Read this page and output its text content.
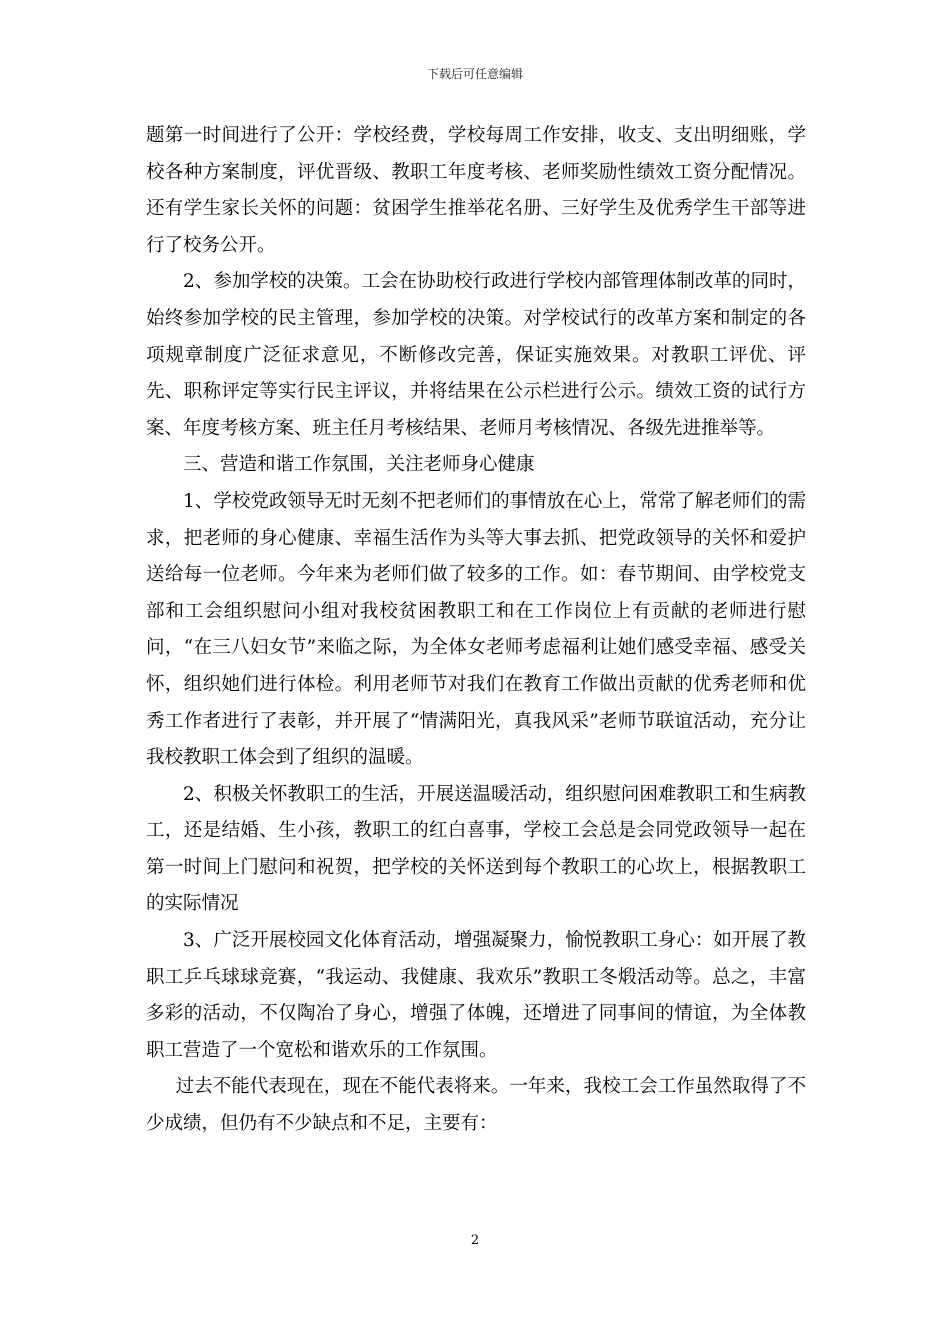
下载后可任意编辑

题第一时间进行了公开：学校经费，学校每周工作安排，收支、支出明细账，学校各种方案制度，评优晋级、教职工年度考核、老师奖励性绩效工资分配情况。还有学生家长关怀的问题：贫困学生推举花名册、三好学生及优秀学生干部等进行了校务公开。

2、参加学校的决策。工会在协助校行政进行学校内部管理体制改革的同时，始终参加学校的民主管理，参加学校的决策。对学校试行的改革方案和制定的各项规章制度广泛征求意见，不断修改完善，保证实施效果。对教职工评优、评先、职称评定等实行民主评议，并将结果在公示栏进行公示。绩效工资的试行方案、年度考核方案、班主任月考核结果、老师月考核情况、各级先进推举等。

三、营造和谐工作氛围，关注老师身心健康

1、学校党政领导无时无刻不把老师们的事情放在心上，常常了解老师们的需求，把老师的身心健康、幸福生活作为头等大事去抓、把党政领导的关怀和爱护送给每一位老师。今年来为老师们做了较多的工作。如：春节期间、由学校党支部和工会组织慰问小组对我校贫困教职工和在工作岗位上有贡献的老师进行慰问，“在三八妇女节”来临之际，为全体女老师考虑福利让她们感受幸福、感受关怀，组织她们进行体检。利用老师节对我们在教育工作做出贡献的优秀老师和优秀工作者进行了表彰，并开展了“情满阳光，真我风采”老师节联谊活动，充分让我校教职工体会到了组织的温暖。

2、积极关怀教职工的生活，开展送温暖活动，组织慰问困难教职工和生病教工，还是结婚、生小孩，教职工的红白喜事，学校工会总是会同党政领导一起在第一时间上门慰问和祝贺，把学校的关怀送到每个教职工的心坎上，根据教职工的实际情况

3、广泛开展校园文化体育活动，增强凝聚力，愉悦教职工身心：如开展了教职工乒乓球球竞赛，“我运动、我健康、我欢乐”教职工冬煅活动等。总之，丰富多彩的活动，不仅陶冶了身心，增强了体魄，还增进了同事间的情谊，为全体教职工营造了一个宽松和谐欢乐的工作氛围。

过去不能代表现在，现在不能代表将来。一年来，我校工会工作虽然取得了不少成绩，但仍有不少缺点和不足，主要有：

2
